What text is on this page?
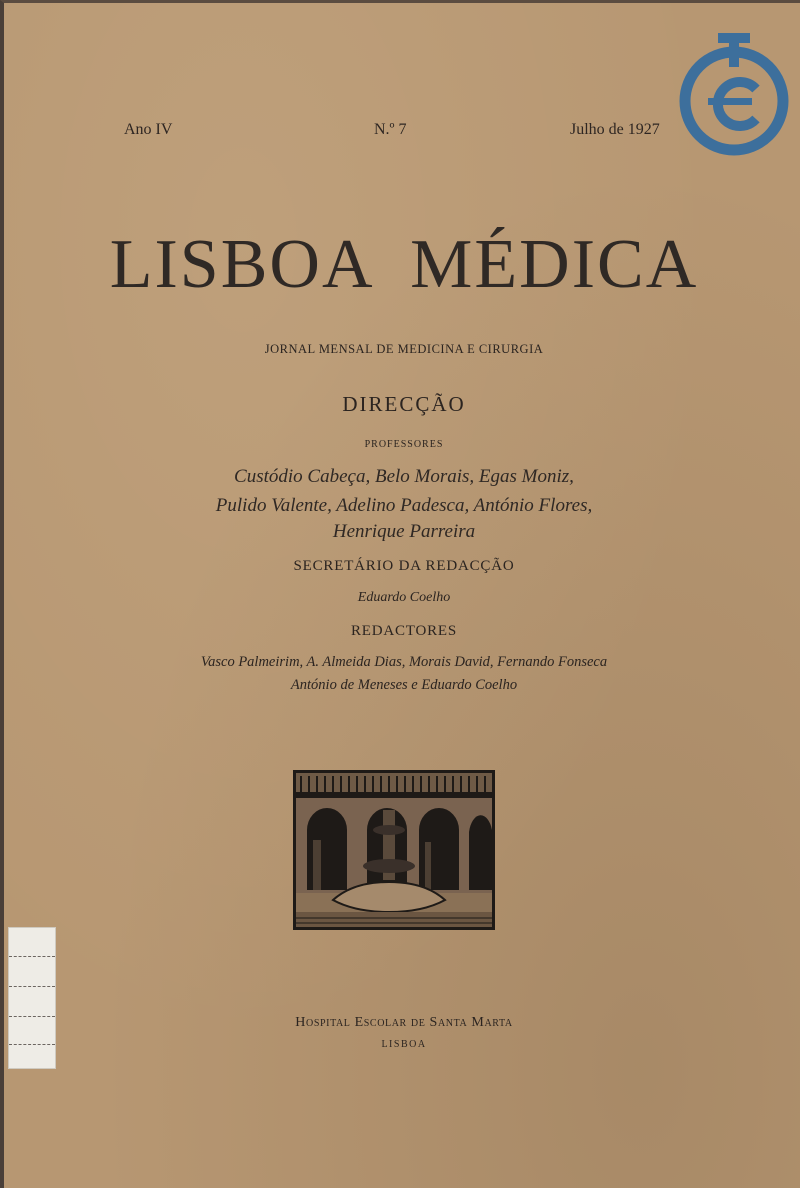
Ano IV	N.º 7	Julho de 1927
LISBOA MÉDICA
JORNAL MENSAL DE MEDICINA E CIRURGIA
DIRECÇÃO
PROFESSORES
Custódio Cabeça, Belo Morais, Egas Moniz,
Pulido Valente, Adelino Padesca, António Flores,
Henrique Parreira
SECRETÁRIO DA REDACÇÃO
Eduardo Coelho
REDACTORES
Vasco Palmeirim, A. Almeida Dias, Morais David, Fernando Fonseca
António de Meneses e Eduardo Coelho
Hospital Escolar de Santa Marta
LISBOA
